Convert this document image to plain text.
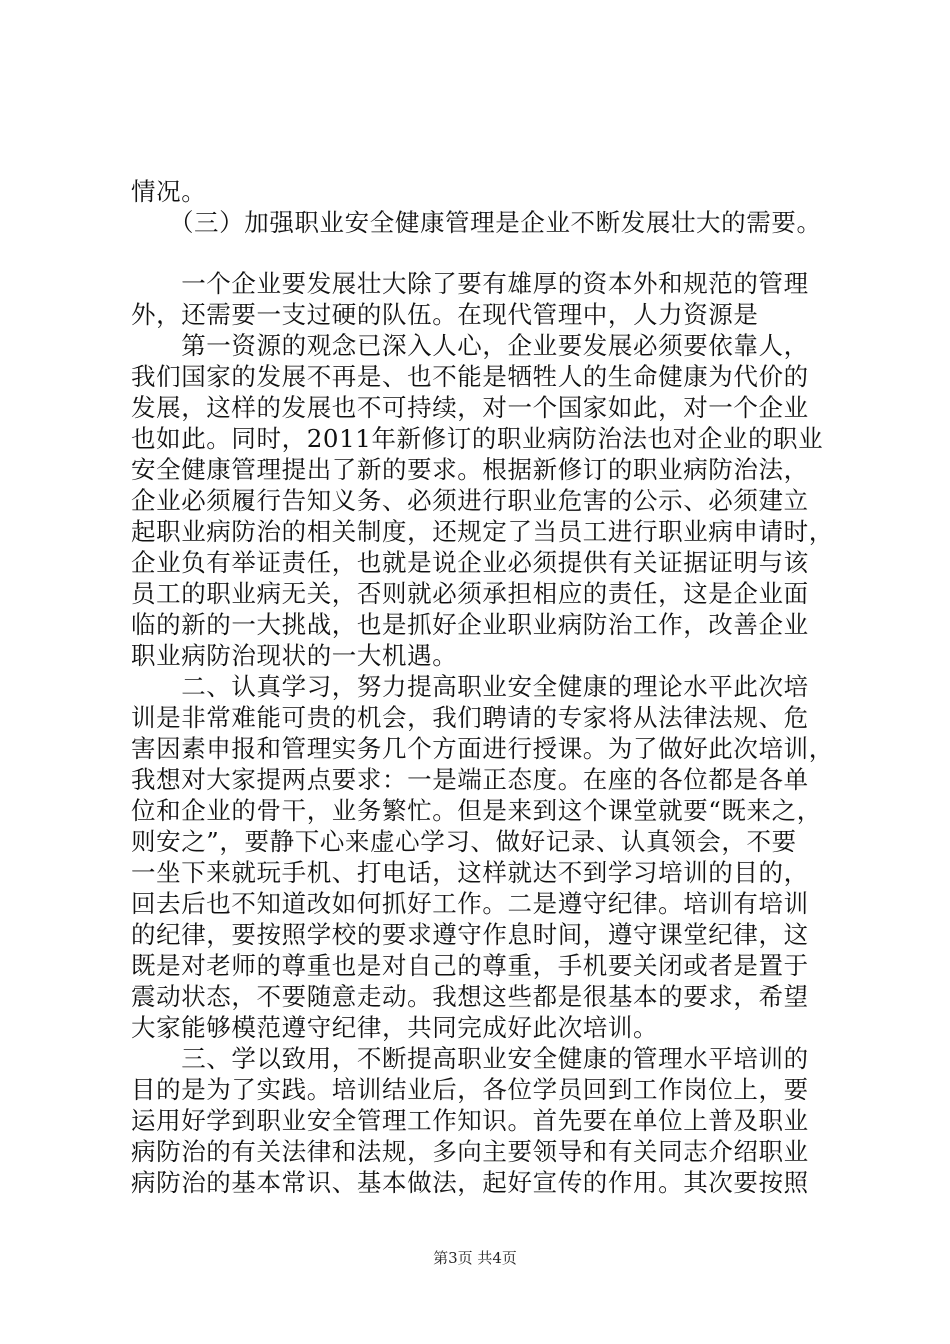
情况。
　　（三）加强职业安全健康管理是企业不断发展壮大的需要。
　　一个企业要发展壮大除了要有雄厚的资本外和规范的管理
外，还需要一支过硬的队伍。在现代管理中，人力资源是
　　第一资源的观念已深入人心，企业要发展必须要依靠人，
我们国家的发展不再是、也不能是牺牲人的生命健康为代价的
发展，这样的发展也不可持续，对一个国家如此，对一个企业
也如此。同时，2011年新修订的职业病防治法也对企业的职业
安全健康管理提出了新的要求。根据新修订的职业病防治法，
企业必须履行告知义务、必须进行职业危害的公示、必须建立
起职业病防治的相关制度，还规定了当员工进行职业病申请时，
企业负有举证责任，也就是说企业必须提供有关证据证明与该
员工的职业病无关，否则就必须承担相应的责任，这是企业面
临的新的一大挑战，也是抓好企业职业病防治工作，改善企业
职业病防治现状的一大机遇。
　　二、认真学习，努力提高职业安全健康的理论水平此次培
训是非常难能可贵的机会，我们聘请的专家将从法律法规、危
害因素申报和管理实务几个方面进行授课。为了做好此次培训，
我想对大家提两点要求：一是端正态度。在座的各位都是各单
位和企业的骨干，业务繁忙。但是来到这个课堂就要“既来之，
则安之”，要静下心来虚心学习、做好记录、认真领会，不要
一坐下来就玩手机、打电话，这样就达不到学习培训的目的，
回去后也不知道改如何抓好工作。二是遵守纪律。培训有培训
的纪律，要按照学校的要求遵守作息时间，遵守课堂纪律，这
既是对老师的尊重也是对自己的尊重，手机要关闭或者是置于
震动状态，不要随意走动。我想这些都是很基本的要求，希望
大家能够模范遵守纪律，共同完成好此次培训。
　　三、学以致用，不断提高职业安全健康的管理水平培训的
目的是为了实践。培训结业后，各位学员回到工作岗位上，要
运用好学到职业安全管理工作知识。首先要在单位上普及职业
病防治的有关法律和法规，多向主要领导和有关同志介绍职业
病防治的基本常识、基本做法，起好宣传的作用。其次要按照
第3页 共4页
